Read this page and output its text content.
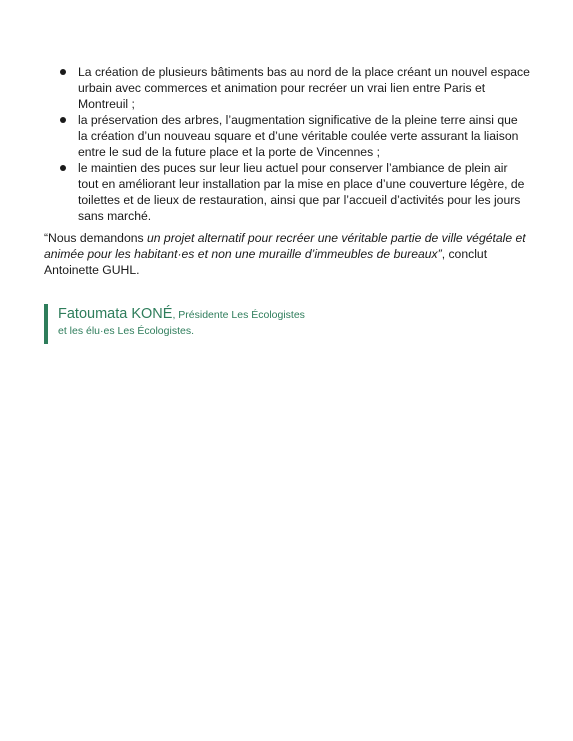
La création de plusieurs bâtiments bas au nord de la place créant un nouvel espace urbain avec commerces et animation pour recréer un vrai lien entre Paris et Montreuil ;
la préservation des arbres, l’augmentation significative de la pleine terre ainsi que la création d’un nouveau square et d’une véritable coulée verte assurant la liaison entre le sud de la future place et la porte de Vincennes ;
le maintien des puces sur leur lieu actuel pour conserver l’ambiance de plein air tout en améliorant leur installation par la mise en place d’une couverture légère, de toilettes et de lieux de restauration, ainsi que par l’accueil d’activités pour les jours sans marché.

“Nous demandons un projet alternatif pour recréer une véritable partie de ville végétale et animée pour les habitant·es et non une muraille d’immeubles de bureaux”, conclut Antoinette GUHL.

Fatoumata KONÉ, Présidente Les Écologistes
et les élu·es Les Écologistes.
